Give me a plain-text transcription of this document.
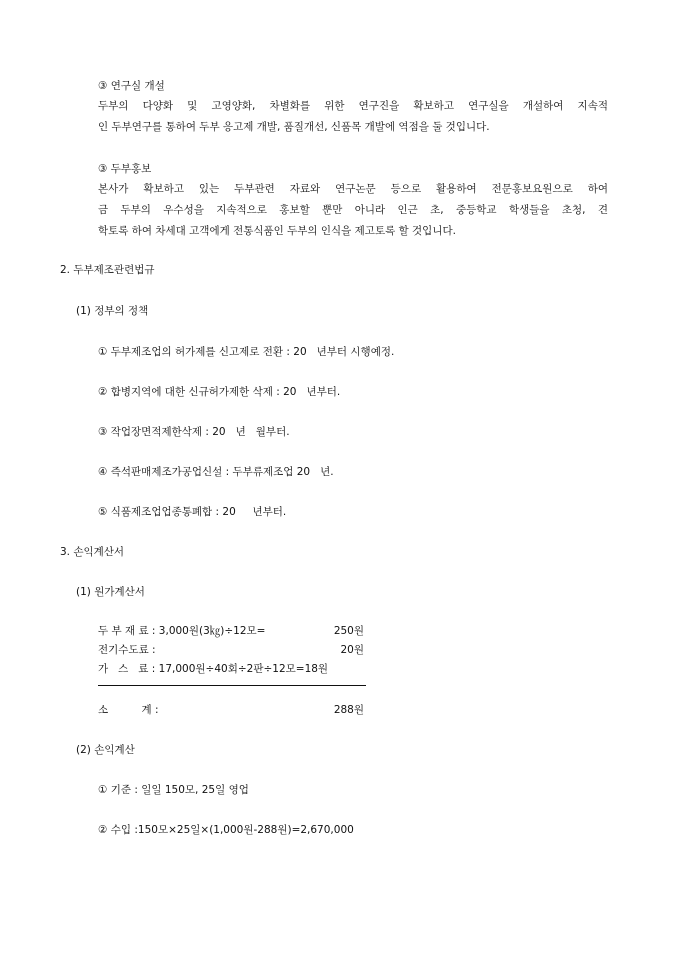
③ 연구실 개설
두부의 다양화 및 고영양화, 차별화를 위한 연구진을 확보하고 연구실을 개설하여 지속적
인 두부연구를 통하여 두부 응고제 개발, 품질개선, 신품목 개발에 역점을 둘 것입니다.
③ 두부홍보
본사가 확보하고 있는 두부관련 자료와 연구논문 등으로 활용하여 전문홍보요원으로 하여
금 두부의 우수성을 지속적으로 홍보할 뿐만 아니라 인근 초, 중등학교 학생들을 초청, 견
학토록 하여 차세대 고객에게 전통식품인 두부의 인식을 제고토록 할 것입니다.
2. 두부제조관련법규
(1) 정부의 정책
① 두부제조업의 허가제를 신고제로 전환 : 20   년부터 시행예정.
② 합병지역에 대한 신규허가제한 삭제 : 20   년부터.
③ 작업장면적제한삭제 : 20   년   월부터.
④ 즉석판매제조가공업신설 : 두부류제조업 20   년.
⑤ 식품제조업업종통폐합 : 20     년부터.
3. 손익계산서
(1) 원가계산서

두 부 재 료 : 3,000원(3㎏)÷12모=

	250원

전기수도료 :

	20원

가   스   료 : 17,000원÷40회÷2판÷12모=18원

소          계 :

	288원

(2) 손익계산
① 기준 : 일일 150모, 25일 영업
② 수입 :150모×25일×(1,000원-288원)=2,670,000
